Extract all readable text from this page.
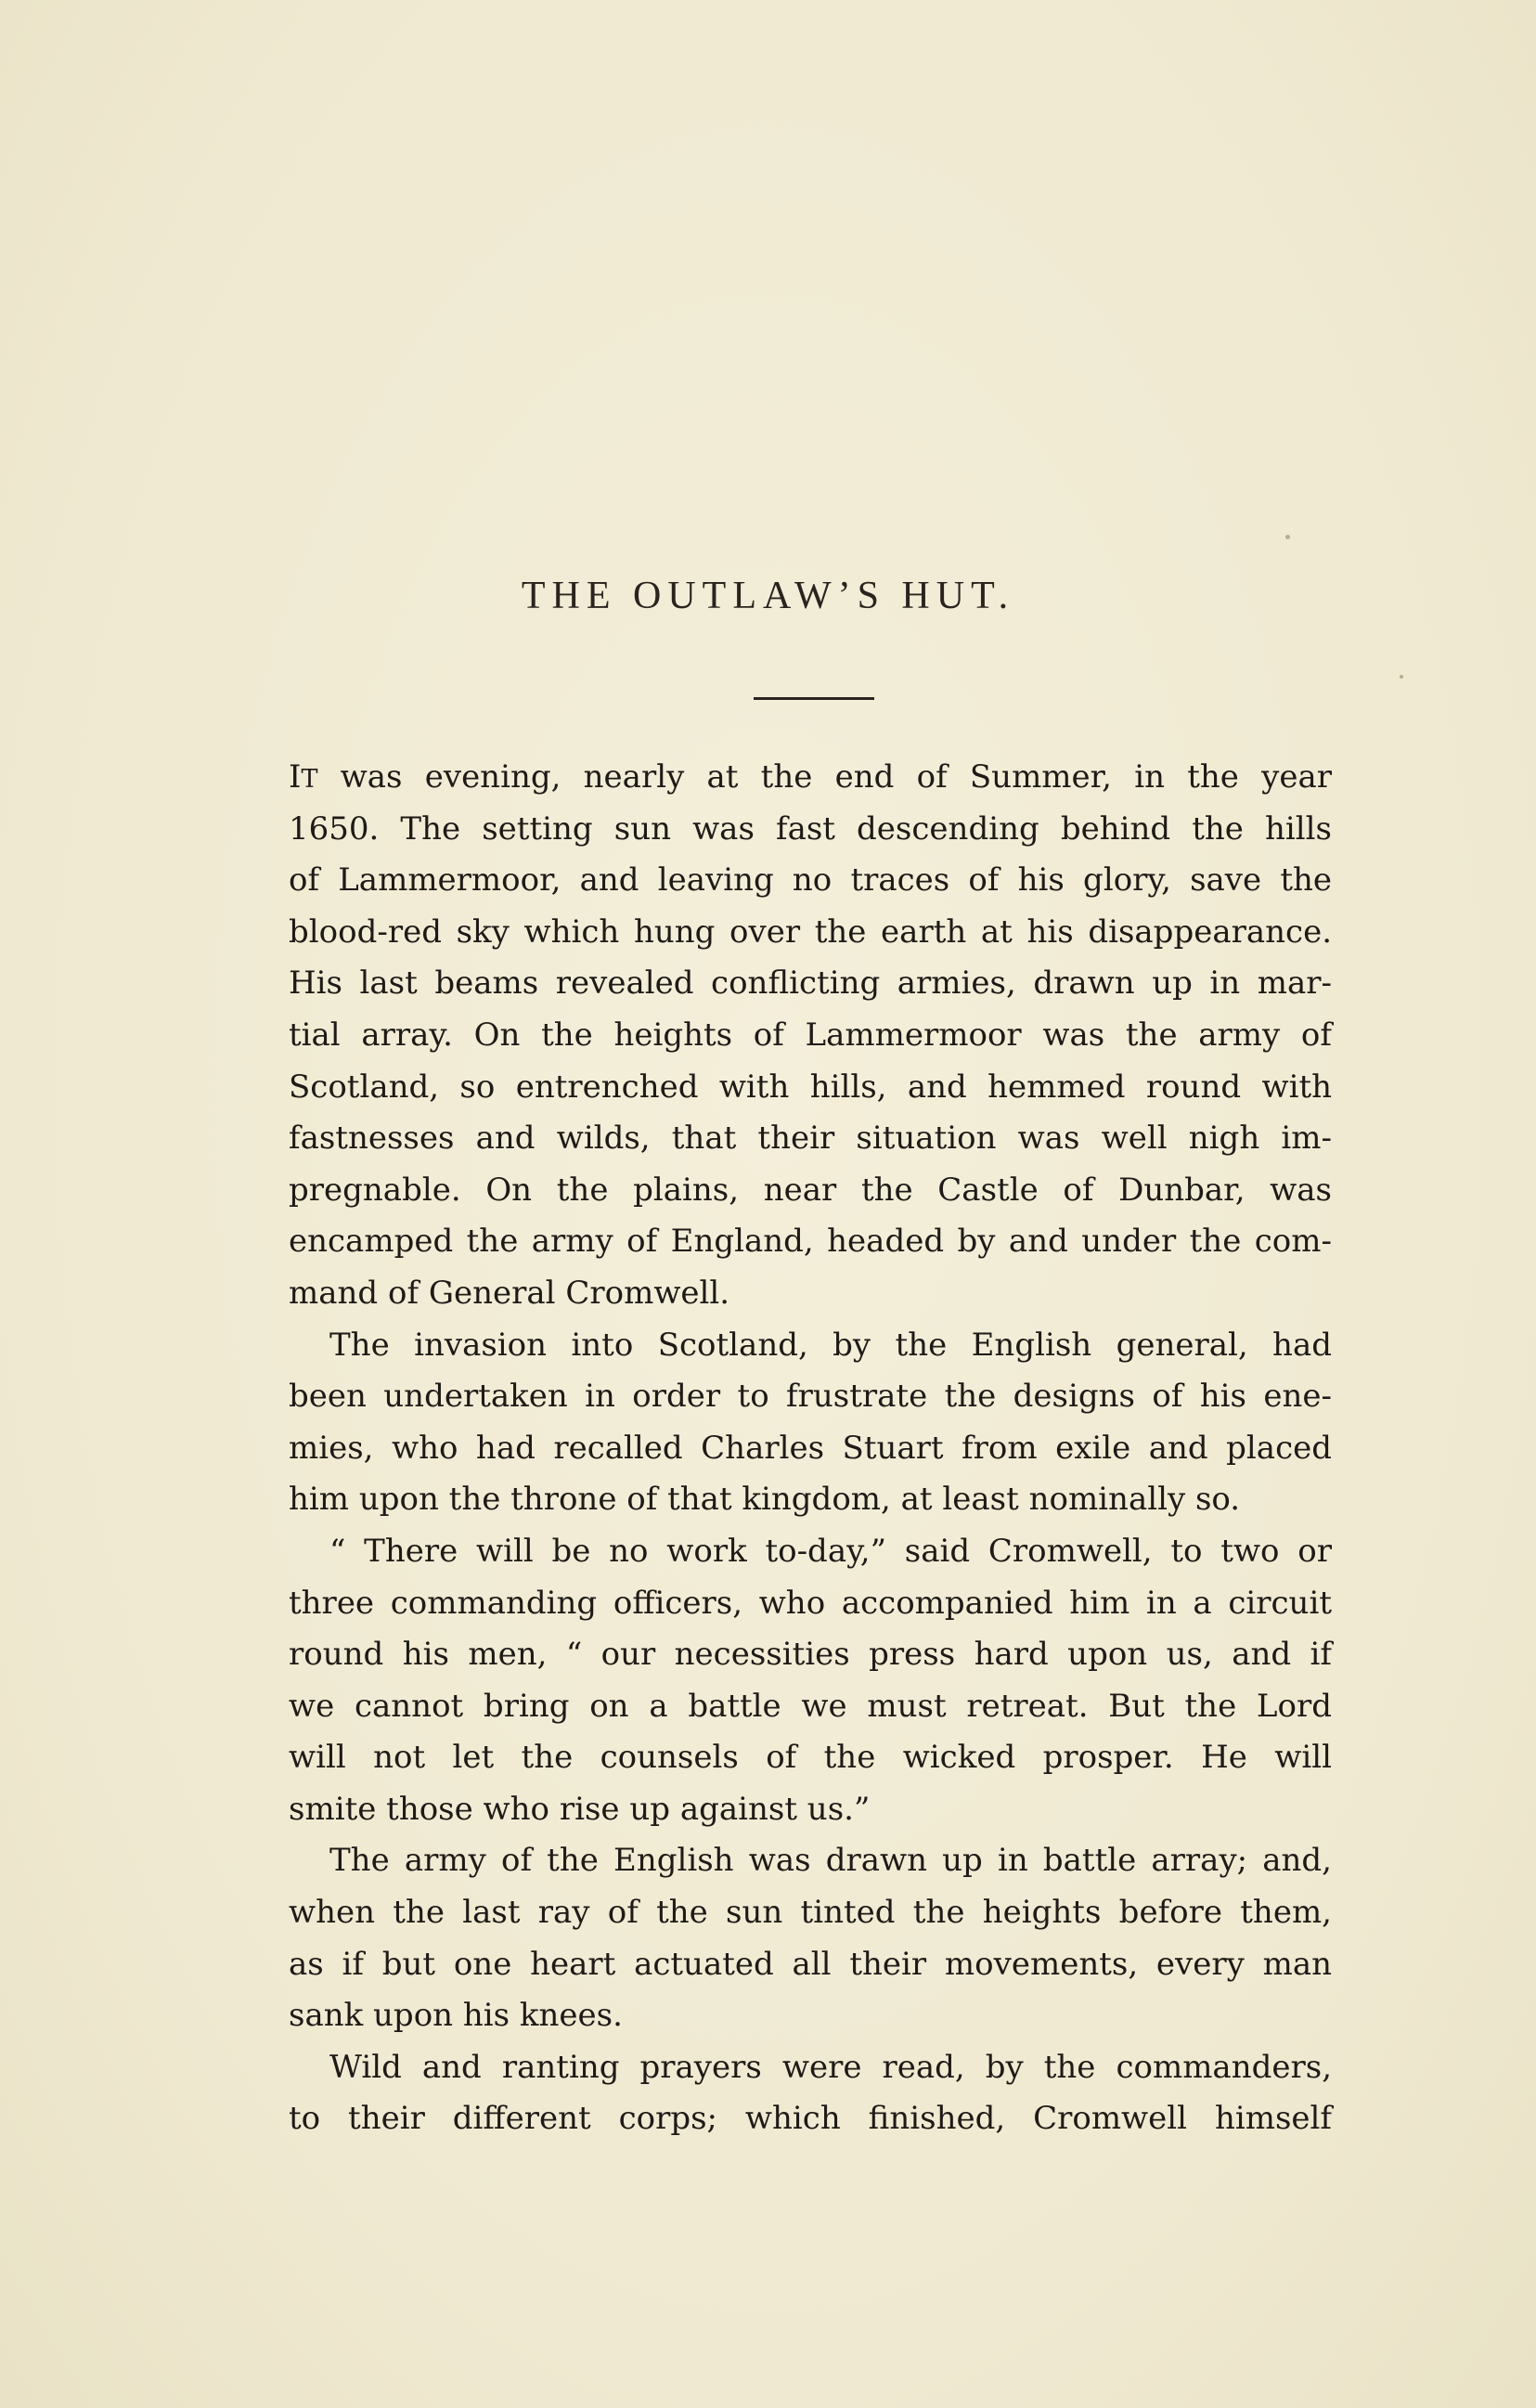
THE OUTLAW’S HUT.
IT was evening, nearly at the end of Summer, in the year
1650. The setting sun was fast descending behind the hills
of Lammermoor, and leaving no traces of his glory, save the
blood-red sky which hung over the earth at his disappearance.
His last beams revealed conflicting armies, drawn up in mar-
tial array. On the heights of Lammermoor was the army of
Scotland, so entrenched with hills, and hemmed round with
fastnesses and wilds, that their situation was well nigh im-
pregnable. On the plains, near the Castle of Dunbar, was
encamped the army of England, headed by and under the com-
mand of General Cromwell.
The invasion into Scotland, by the English general, had
been undertaken in order to frustrate the designs of his ene-
mies, who had recalled Charles Stuart from exile and placed
him upon the throne of that kingdom, at least nominally so.
“ There will be no work to-day,” said Cromwell, to two or
three commanding officers, who accompanied him in a circuit
round his men, “ our necessities press hard upon us, and if
we cannot bring on a battle we must retreat. But the Lord
will not let the counsels of the wicked prosper. He will
smite those who rise up against us.”
The army of the English was drawn up in battle array; and,
when the last ray of the sun tinted the heights before them,
as if but one heart actuated all their movements, every man
sank upon his knees.
Wild and ranting prayers were read, by the commanders,
to their different corps; which finished, Cromwell himself
